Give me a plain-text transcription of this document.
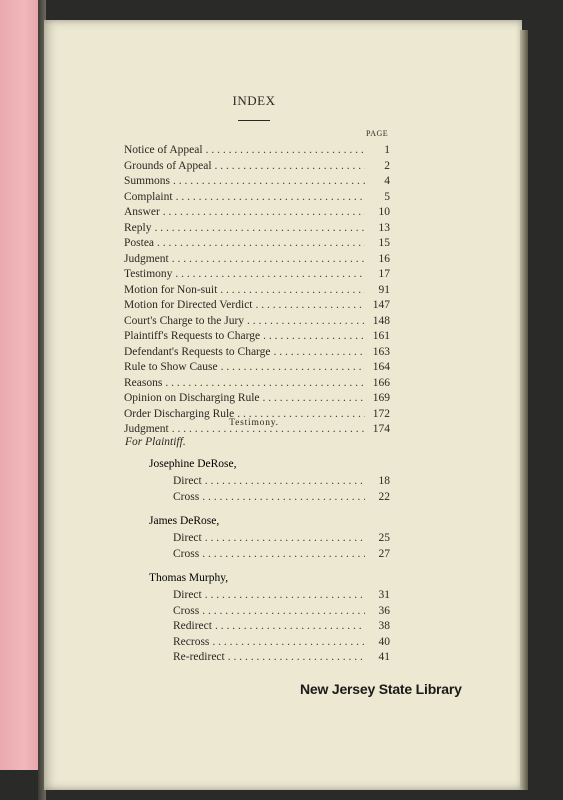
INDEX
PAGE
Notice of Appeal . . .	1
Grounds of Appeal . . .	2
Summons . . .	4
Complaint . . .	5
Answer . . .	10
Reply . . .	13
Postea . . .	15
Judgment . . .	16
Testimony . . .	17
Motion for Non-suit . . .	91
Motion for Directed Verdict . . .	147
Court's Charge to the Jury . . .	148
Plaintiff's Requests to Charge . . .	161
Defendant's Requests to Charge . . .	163
Rule to Show Cause . . .	164
Reasons . . .	166
Opinion on Discharging Rule . . .	169
Order Discharging Rule . . .	172
Judgment . . .	174
Testimony.
For Plaintiff.
Josephine DeRose,
Direct . . .	18
Cross . . .	22
James DeRose,
Direct . . .	25
Cross . . .	27
Thomas Murphy,
Direct . . .	31
Cross . . .	36
Redirect . . .	38
Recross . . .	40
Re-redirect . . .	41
New Jersey State Library
